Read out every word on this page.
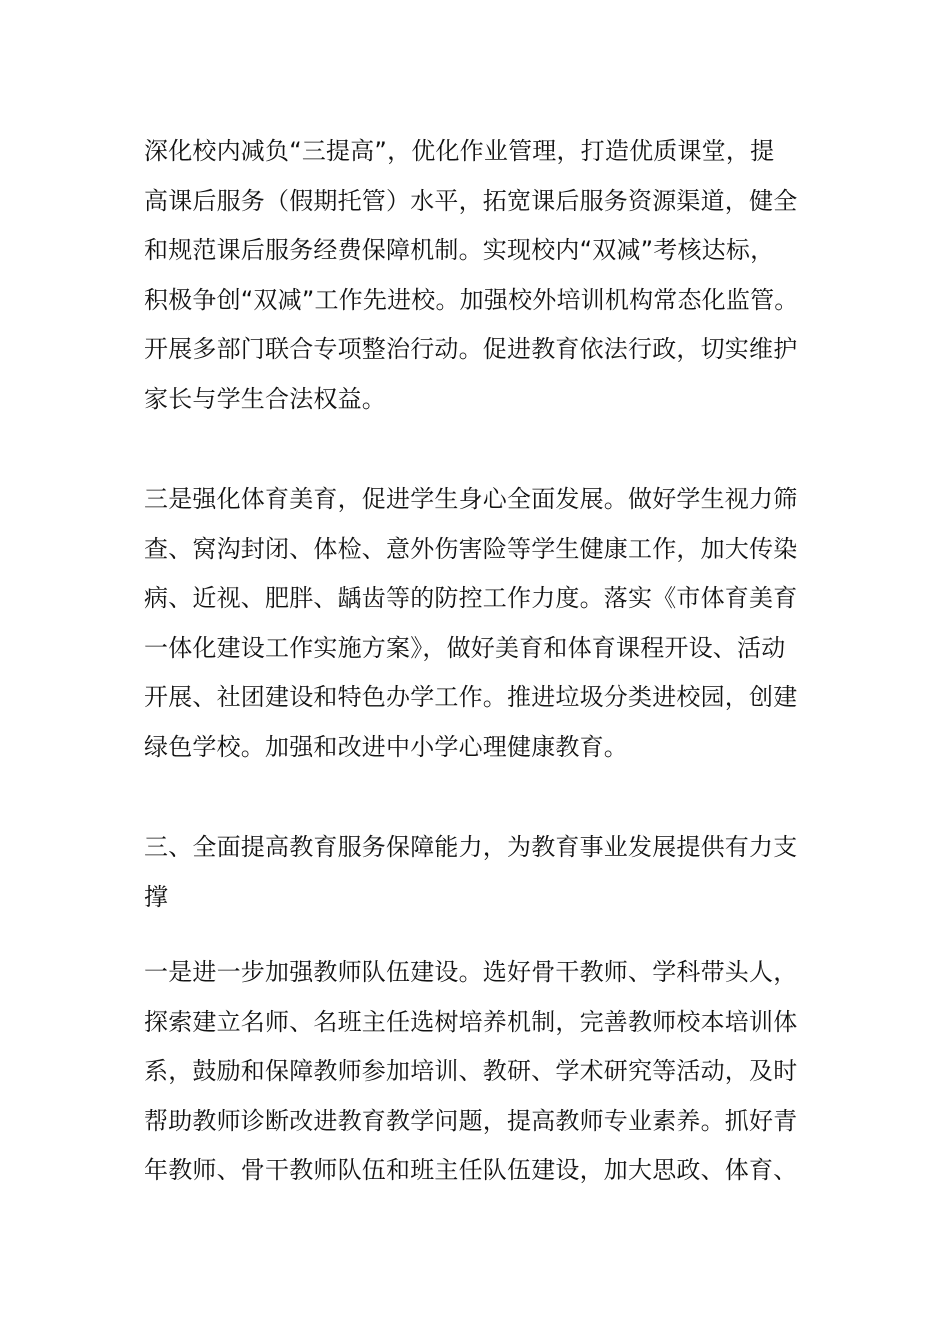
深化校内减负“三提高”，优化作业管理，打造优质课堂，提
高课后服务（假期托管）水平，拓宽课后服务资源渠道，健全
和规范课后服务经费保障机制。实现校内“双减”考核达标，
积极争创“双减”工作先进校。加强校外培训机构常态化监管。
开展多部门联合专项整治行动。促进教育依法行政，切实维护
家长与学生合法权益。

三是强化体育美育，促进学生身心全面发展。做好学生视力筛
查、窝沟封闭、体检、意外伤害险等学生健康工作，加大传染
病、近视、肥胖、龋齿等的防控工作力度。落实《市体育美育
一体化建设工作实施方案》，做好美育和体育课程开设、活动
开展、社团建设和特色办学工作。推进垃圾分类进校园，创建
绿色学校。加强和改进中小学心理健康教育。

三、全面提高教育服务保障能力，为教育事业发展提供有力支
撑

一是进一步加强教师队伍建设。选好骨干教师、学科带头人，
探索建立名师、名班主任选树培养机制，完善教师校本培训体
系，鼓励和保障教师参加培训、教研、学术研究等活动，及时
帮助教师诊断改进教育教学问题，提高教师专业素养。抓好青
年教师、骨干教师队伍和班主任队伍建设，加大思政、体育、
